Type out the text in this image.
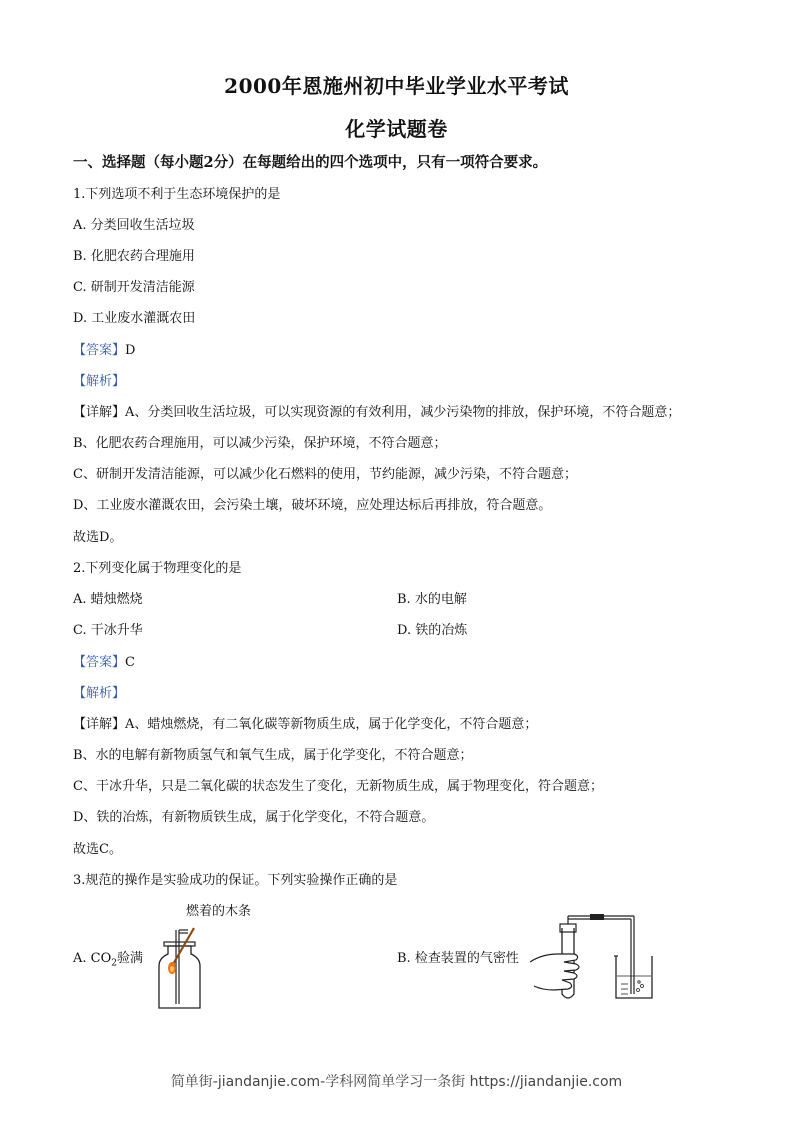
2000年恩施州初中毕业学业水平考试
化学试题卷
一、选择题（每小题2分）在每题给出的四个选项中，只有一项符合要求。
1.下列选项不利于生态环境保护的是
A. 分类回收生活垃圾
B. 化肥农药合理施用
C. 研制开发清洁能源
D. 工业废水灌溉农田
【答案】D
【解析】
【详解】A、分类回收生活垃圾，可以实现资源的有效利用，减少污染物的排放，保护环境，不符合题意；
B、化肥农药合理施用，可以减少污染，保护环境，不符合题意；
C、研制开发清洁能源，可以减少化石燃料的使用，节约能源，减少污染，不符合题意；
D、工业废水灌溉农田，会污染土壤，破坏环境，应处理达标后再排放，符合题意。
故选D。
2.下列变化属于物理变化的是
A. 蜡烛燃烧	B. 水的电解
C. 干冰升华	D. 铁的冶炼
【答案】C
【解析】
【详解】A、蜡烛燃烧，有二氧化碳等新物质生成，属于化学变化，不符合题意；
B、水的电解有新物质氢气和氧气生成，属于化学变化，不符合题意；
C、干冰升华，只是二氧化碳的状态发生了变化，无新物质生成，属于物理变化，符合题意；
D、铁的冶炼，有新物质铁生成，属于化学变化，不符合题意。
故选C。
3.规范的操作是实验成功的保证。下列实验操作正确的是
燃着的木条
A. $CO_2$验满	B. 检查装置的气密性
简单街-jiandanjie.com-学科网简单学习一条街 https://jiandanjie.com
